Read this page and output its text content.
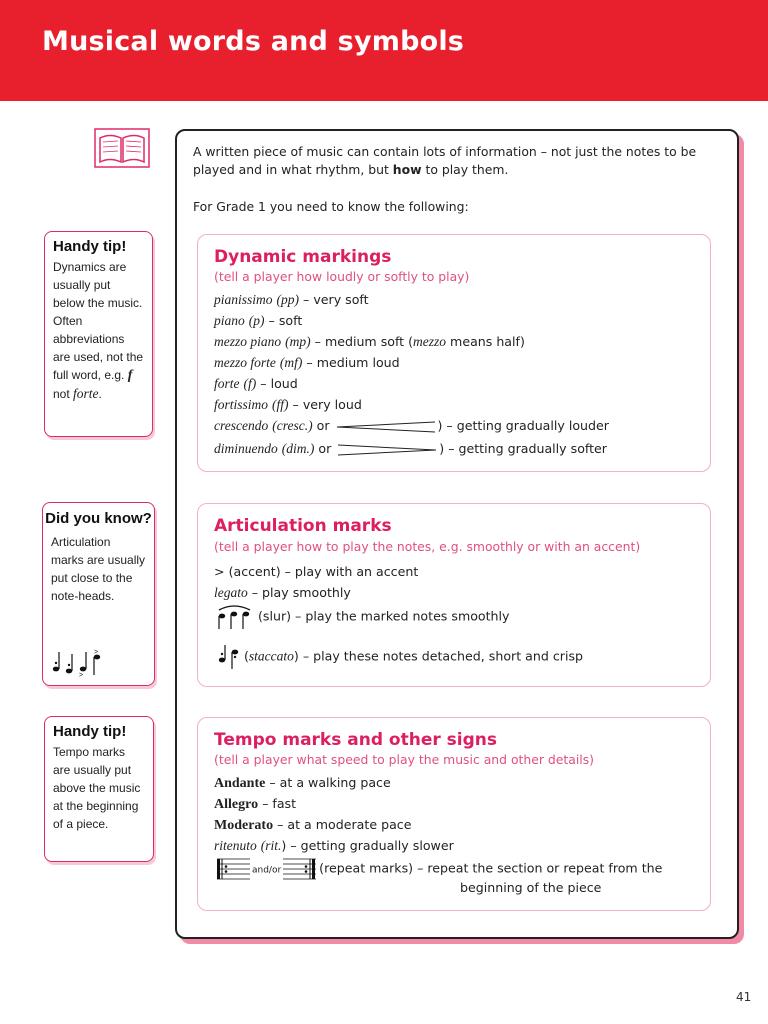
Musical words and symbols
Handy tip!
Dynamics are usually put below the music. Often abbreviations are used, not the full word, e.g. f not forte.
Did you know?
Articulation marks are usually put close to the note-heads.
>
>
Handy tip!
Tempo marks are usually put above the music at the beginning of a piece.
A written piece of music can contain lots of information – not just the notes to be played and in what rhythm, but how to play them.
For Grade 1 you need to know the following:
Dynamic markings
(tell a player how loudly or softly to play)
pianissimo (pp) – very soft
piano (p) – soft
mezzo piano (mp) – medium soft (mezzo means half)
mezzo forte (mf) – medium loud
forte (f) – loud
fortissimo (ff) – very loud
crescendo (cresc.) or	) – getting gradually louder
diminuendo (dim.) or	) – getting gradually softer
Articulation marks
(tell a player how to play the notes, e.g. smoothly or with an accent)
> (accent) – play with an accent
legato – play smoothly
(slur) – play the marked notes smoothly
(staccato) – play these notes detached, short and crisp
Tempo marks and other signs
(tell a player what speed to play the music and other details)
Andante – at a walking pace
Allegro – fast
Moderato – at a moderate pace
ritenuto (rit.) – getting gradually slower
and/or	(repeat marks) – repeat the section or repeat from the
beginning of the piece
41
